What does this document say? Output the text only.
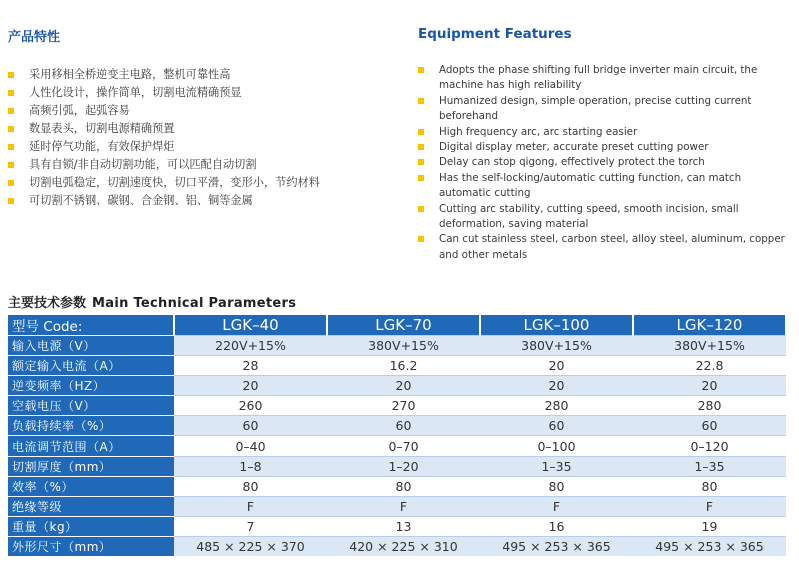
产品特性	Equipment Features
采用移相全桥逆变主电路，整机可靠性高
人性化设计，操作简单，切割电流精确预显
高频引弧，起弧容易
数显表头，切割电源精确预置
延时停气功能，有效保护焊炬
具有自锁/非自动切割功能，可以匹配自动切割
切割电弧稳定，切割速度快，切口平滑，变形小，节约材料
可切割不锈钢、碳钢、合金钢、铝、铜等金属
Adopts the phase shifting full bridge inverter main circuit, the machine has high reliability
Humanized design, simple operation, precise cutting current beforehand
High frequency arc, arc starting easier
Digital display meter, accurate preset cutting power
Delay can stop qigong, effectively protect the torch
Has the self-locking/automatic cutting function, can match automatic cutting
Cutting arc stability, cutting speed, smooth incision, small deformation, saving material
Can cut stainless steel, carbon steel, alloy steel, aluminum, copper and other metals
主要技术参数 Main Technical Parameters
型号 Code:	LGK–40	LGK–70	LGK–100	LGK–120
输入电源（V）	220V+15%	380V+15%	380V+15%	380V+15%
额定输入电流（A）	28	16.2	20	22.8
逆变频率（HZ）	20	20	20	20
空载电压（V）	260	270	280	280
负载持续率（%）	60	60	60	60
电流调节范围（A）	0–40	0–70	0–100	0–120
切割厚度（mm）	1–8	1–20	1–35	1–35
效率（%）	80	80	80	80
绝缘等级	F	F	F	F
重量（kg）	7	13	16	19
外形尺寸（mm）	485 × 225 × 370	420 × 225 × 310	495 × 253 × 365	495 × 253 × 365
